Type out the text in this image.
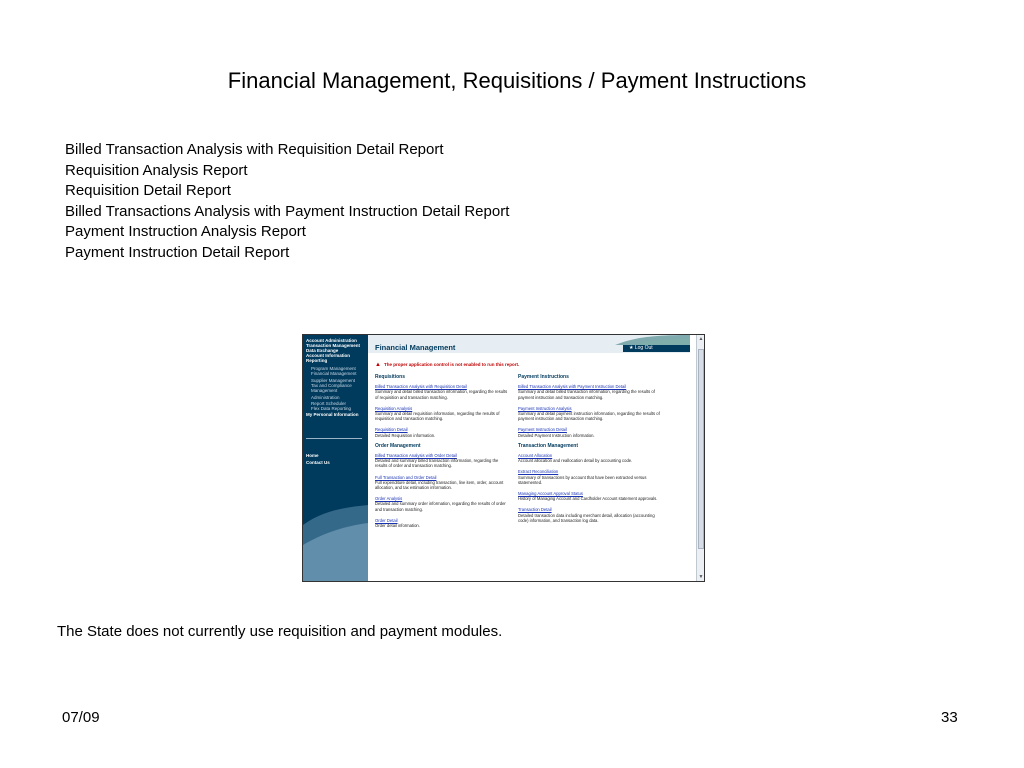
Financial Management, Requisitions / Payment Instructions
Billed Transaction Analysis with Requisition Detail Report
Requisition Analysis Report
Requisition Detail Report
Billed Transactions Analysis with Payment Instruction Detail Report
Payment Instruction Analysis Report
Payment Instruction Detail Report
Account Administration
Transaction Management
Data Exchange
Account Information Reporting
Program Management
Financial Management
Supplier Management
Tax and Compliance Management
Administration
Report Scheduler
Flex Data Reporting
My Personal Information
Home
Contact Us
Financial Management	★ Log Out
▲ The proper application control is not enabled to run this report.
Requisitions
Billed Transaction Analysis with Requisition Detail
Summary and detail billed transaction information, regarding the results of requisition and transaction matching.
Requisition Analysis
Summary and detail requisition information, regarding the results of requisition and transaction matching.
Requisition Detail
Detailed Requisition information.
Order Management
Billed Transaction Analysis with Order Detail
Detailed and summary billed transaction information, regarding the results of order and transaction matching.
Full Transaction and Order Detail
Full expenditure detail, including transaction, line item, order, account allocation, and tax estimation information.
Order Analysis
Detailed and summary order information, regarding the results of order and transaction matching.
Order Detail
Order detail information.
Payment Instructions
Billed Transaction Analysis with Payment Instruction Detail
Summary and detail billed transaction information, regarding the results of payment instruction and transaction matching.
Payment Instruction Analysis
Summary and detail payment instruction information, regarding the results of payment instruction and transaction matching.
Payment Instruction Detail
Detailed Payment Instruction information.
Transaction Management
Account Allocation
Account allocation and reallocation detail by accounting code.
Extract Reconciliation
Summary of transactions by account that have been extracted versus statemented.
Managing Account Approval Status
History of Managing Account and Cardholder Account statement approvals.
Transaction Detail
Detailed transaction data including merchant detail, allocation (accounting code) information, and transaction log data.
▲
▼
The State does not currently use requisition and payment modules.
07/09	33
